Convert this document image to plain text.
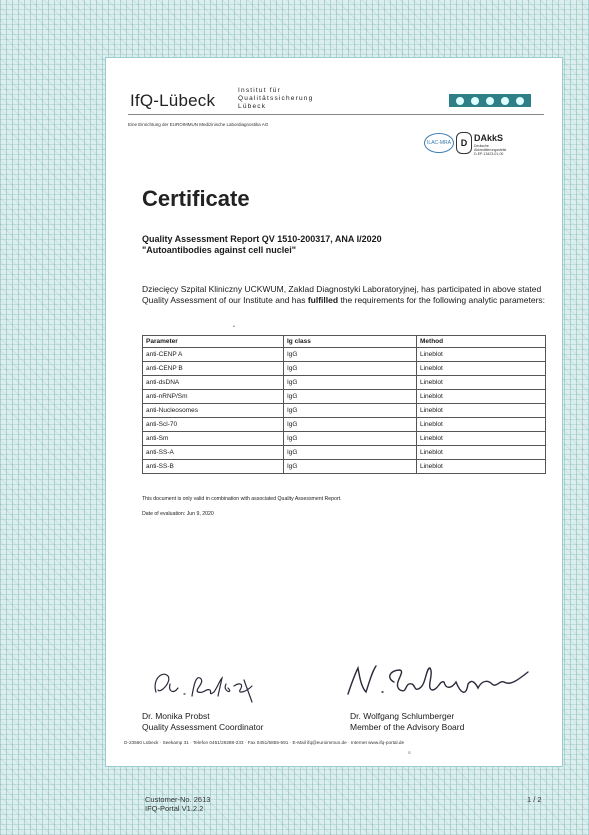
IfQ-Lübeck
Institut für
Qualitätssicherung
Lübeck
Eine Einrichtung der EUROIMMUN Medizinische Labordiagnostika AG
ILAC-MRA	D DAkkS
Deutsche
Akkreditierungsstelle
D-EP-13423-01-00
Certificate
Quality Assessment Report QV 1510-200317, ANA I/2020
"Autoantibodies against cell nuclei"
Dziecięcy Szpital Kliniczny UCKWUM, Zaklad Diagnostyki Laboratoryjnej, has participated in above stated Quality Assessment of our Institute and has fulfilled the requirements for the following analytic parameters:
•
Parameter	Ig class	Method
anti-CENP A	IgG	Lineblot
anti-CENP B	IgG	Lineblot
anti-dsDNA	IgG	Lineblot
anti-nRNP/Sm	IgG	Lineblot
anti-Nucleosomes	IgG	Lineblot
anti-Scl-70	IgG	Lineblot
anti-Sm	IgG	Lineblot
anti-SS-A	IgG	Lineblot
anti-SS-B	IgG	Lineblot
This document is only valid in combination with associated Quality Assessment Report.
Date of evaluation: Jun 9, 2020
Dr. Monika Probst
Quality Assessment Coordinator
Dr. Wolfgang Schlumberger
Member of the Advisory Board
D-23560 Lübeck · Seekamp 31 · Telefon 0451/29288-233 · Fax 0451/5855-591 · E-Mail ifq@euroimmun.de · Internet www.ifq-portal.de
S
Customer-No. 2613
IFQ-Portal V1.2.2
1 / 2
